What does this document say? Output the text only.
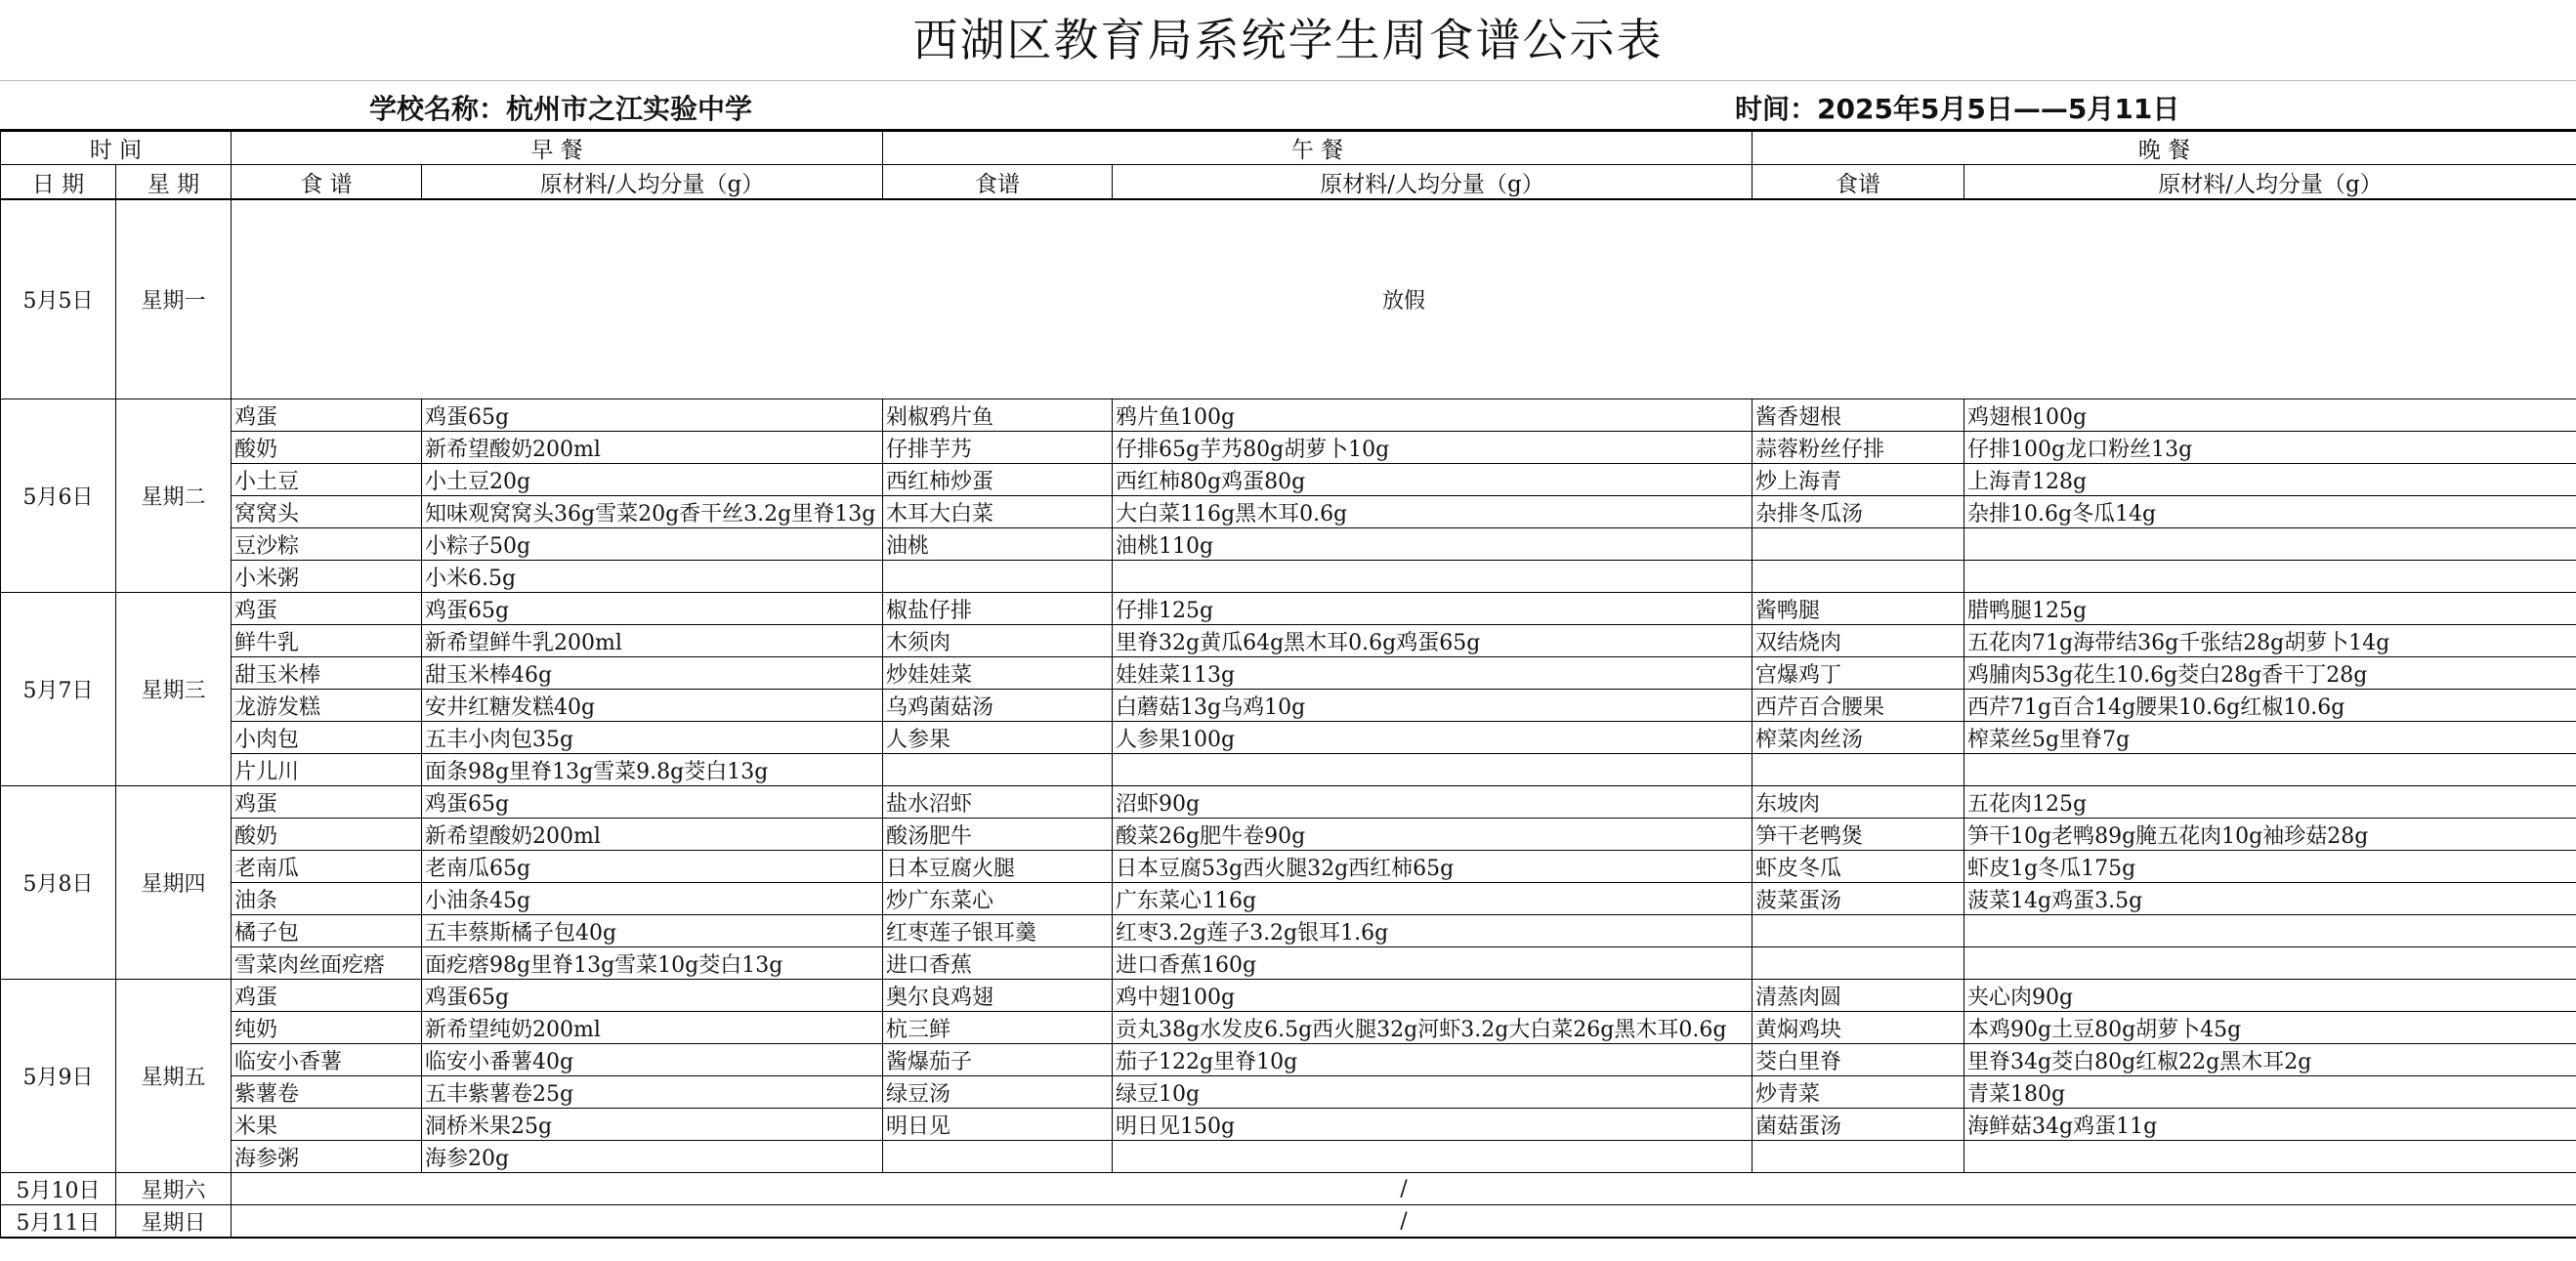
西湖区教育局系统学生周食谱公示表
学校名称：杭州市之江实验中学	时间：2025年5月5日——5月11日
时 间		早 餐		午 餐		晚 餐	
日 期	星 期	食 谱	原材料/人均分量（g）	食谱	原材料/人均分量（g）	食谱	原材料/人均分量（g）
5月5日	星期一	放假					
5月6日	星期二	鸡蛋	鸡蛋65g	剁椒鸦片鱼	鸦片鱼100g	酱香翅根	鸡翅根100g
		酸奶	新希望酸奶200ml	仔排芋艿	仔排65g芋艿80g胡萝卜10g	蒜蓉粉丝仔排	仔排100g龙口粉丝13g
		小土豆	小土豆20g	西红柿炒蛋	西红柿80g鸡蛋80g	炒上海青	上海青128g
		窝窝头	知味观窝窝头36g雪菜20g香干丝3.2g里脊13g	木耳大白菜	大白菜116g黑木耳0.6g	杂排冬瓜汤	杂排10.6g冬瓜14g
		豆沙粽	小粽子50g	油桃	油桃110g		
		小米粥	小米6.5g				
5月7日	星期三	鸡蛋	鸡蛋65g	椒盐仔排	仔排125g	酱鸭腿	腊鸭腿125g
		鲜牛乳	新希望鲜牛乳200ml	木须肉	里脊32g黄瓜64g黑木耳0.6g鸡蛋65g	双结烧肉	五花肉71g海带结36g千张结28g胡萝卜14g
		甜玉米棒	甜玉米棒46g	炒娃娃菜	娃娃菜113g	宫爆鸡丁	鸡脯肉53g花生10.6g茭白28g香干丁28g
		龙游发糕	安井红糖发糕40g	乌鸡菌菇汤	白蘑菇13g乌鸡10g	西芹百合腰果	西芹71g百合14g腰果10.6g红椒10.6g
		小肉包	五丰小肉包35g	人参果	人参果100g	榨菜肉丝汤	榨菜丝5g里脊7g
		片儿川	面条98g里脊13g雪菜9.8g茭白13g				
5月8日	星期四	鸡蛋	鸡蛋65g	盐水沼虾	沼虾90g	东坡肉	五花肉125g
		酸奶	新希望酸奶200ml	酸汤肥牛	酸菜26g肥牛卷90g	笋干老鸭煲	笋干10g老鸭89g腌五花肉10g袖珍菇28g
		老南瓜	老南瓜65g	日本豆腐火腿	日本豆腐53g西火腿32g西红柿65g	虾皮冬瓜	虾皮1g冬瓜175g
		油条	小油条45g	炒广东菜心	广东菜心116g	菠菜蛋汤	菠菜14g鸡蛋3.5g
		橘子包	五丰蔡斯橘子包40g	红枣莲子银耳羹	红枣3.2g莲子3.2g银耳1.6g		
		雪菜肉丝面疙瘩	面疙瘩98g里脊13g雪菜10g茭白13g	进口香蕉	进口香蕉160g		
5月9日	星期五	鸡蛋	鸡蛋65g	奥尔良鸡翅	鸡中翅100g	清蒸肉圆	夹心肉90g
		纯奶	新希望纯奶200ml	杭三鲜	贡丸38g水发皮6.5g西火腿32g河虾3.2g大白菜26g黑木耳0.6g	黄焖鸡块	本鸡90g土豆80g胡萝卜45g
		临安小香薯	临安小番薯40g	酱爆茄子	茄子122g里脊10g	茭白里脊	里脊34g茭白80g红椒22g黑木耳2g
		紫薯卷	五丰紫薯卷25g	绿豆汤	绿豆10g	炒青菜	青菜180g
		米果	洞桥米果25g	明日见	明日见150g	菌菇蛋汤	海鲜菇34g鸡蛋11g
		海参粥	海参20g				
5月10日	星期六	/					
5月11日	星期日	/					
